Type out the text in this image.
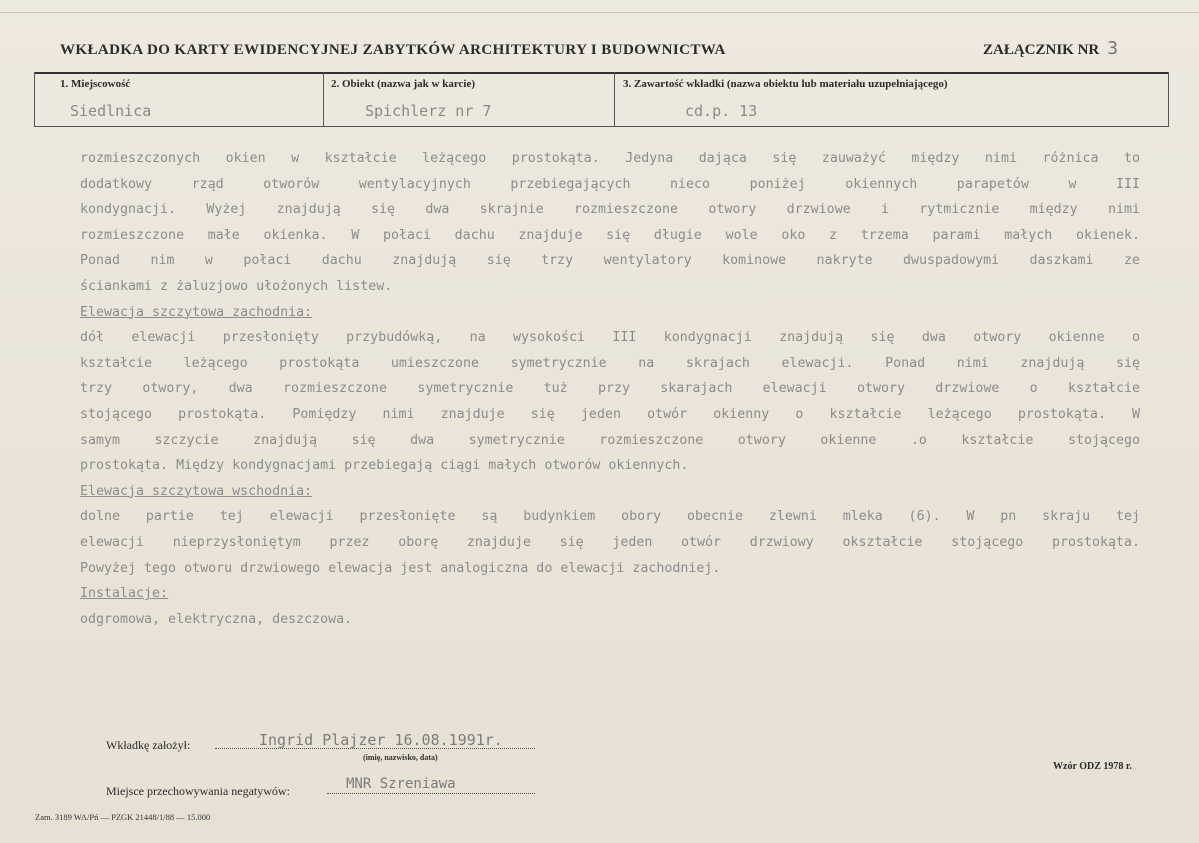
WKŁADKA DO KARTY EWIDENCYJNEJ ZABYTKÓW ARCHITEKTURY I BUDOWNICTWA	ZAŁĄCZNIK NR 3
1. Miejscowość
Siedlnica
2. Obiekt (nazwa jak w karcie)
Spichlerz nr 7
3. Zawartość wkładki (nazwa obiektu lub materiału uzupełniającego)
cd.p. 13
rozmieszczonych okien w kształcie leżącego prostokąta. Jedyna dająca się zauważyć między nimi różnica to
dodatkowy rząd otworów wentylacyjnych przebiegających nieco poniżej okiennych parapetów w III
kondygnacji. Wyżej znajdują się dwa skrajnie rozmieszczone otwory drzwiowe i rytmicznie między nimi
rozmieszczone małe okienka. W połaci dachu znajduje się długie wole oko z trzema parami małych okienek.
Ponad nim w połaci dachu znajdują się trzy wentylatory kominowe nakryte dwuspadowymi daszkami ze
ściankami z żaluzjowo ułożonych listew.
Elewacja szczytowa zachodnia:
dół elewacji przesłonięty przybudówką, na wysokości III kondygnacji znajdują się dwa otwory okienne o
kształcie leżącego prostokąta umieszczone symetrycznie na skrajach elewacji. Ponad nimi znajdują się
trzy otwory, dwa rozmieszczone symetrycznie tuż przy skarajach elewacji otwory drzwiowe o kształcie
stojącego prostokąta. Pomiędzy nimi znajduje się jeden otwór okienny o kształcie leżącego prostokąta. W
samym szczycie znajdują się dwa symetrycznie rozmieszczone otwory okienne .o kształcie stojącego
prostokąta. Między kondygnacjami przebiegają ciągi małych otworów okiennych.
Elewacja szczytowa wschodnia:
dolne partie tej elewacji przesłonięte są budynkiem obory obecnie zlewni mleka (6). W pn skraju tej
elewacji nieprzysłoniętym przez oborę znajduje się jeden otwór drzwiowy okształcie stojącego prostokąta.
Powyżej tego otworu drzwiowego elewacja jest analogiczna do elewacji zachodniej.
Instalacje:
odgromowa, elektryczna, deszczowa.
Wkładkę założył:	Ingrid Plajzer 16.08.1991r.
(imię, nazwisko, data)
Miejsce przechowywania negatywów:	MNR Szreniawa
Wzór ODZ 1978 r.
Zam. 3189 WA/Pń — PZGK 21448/1/88 — 15.000
